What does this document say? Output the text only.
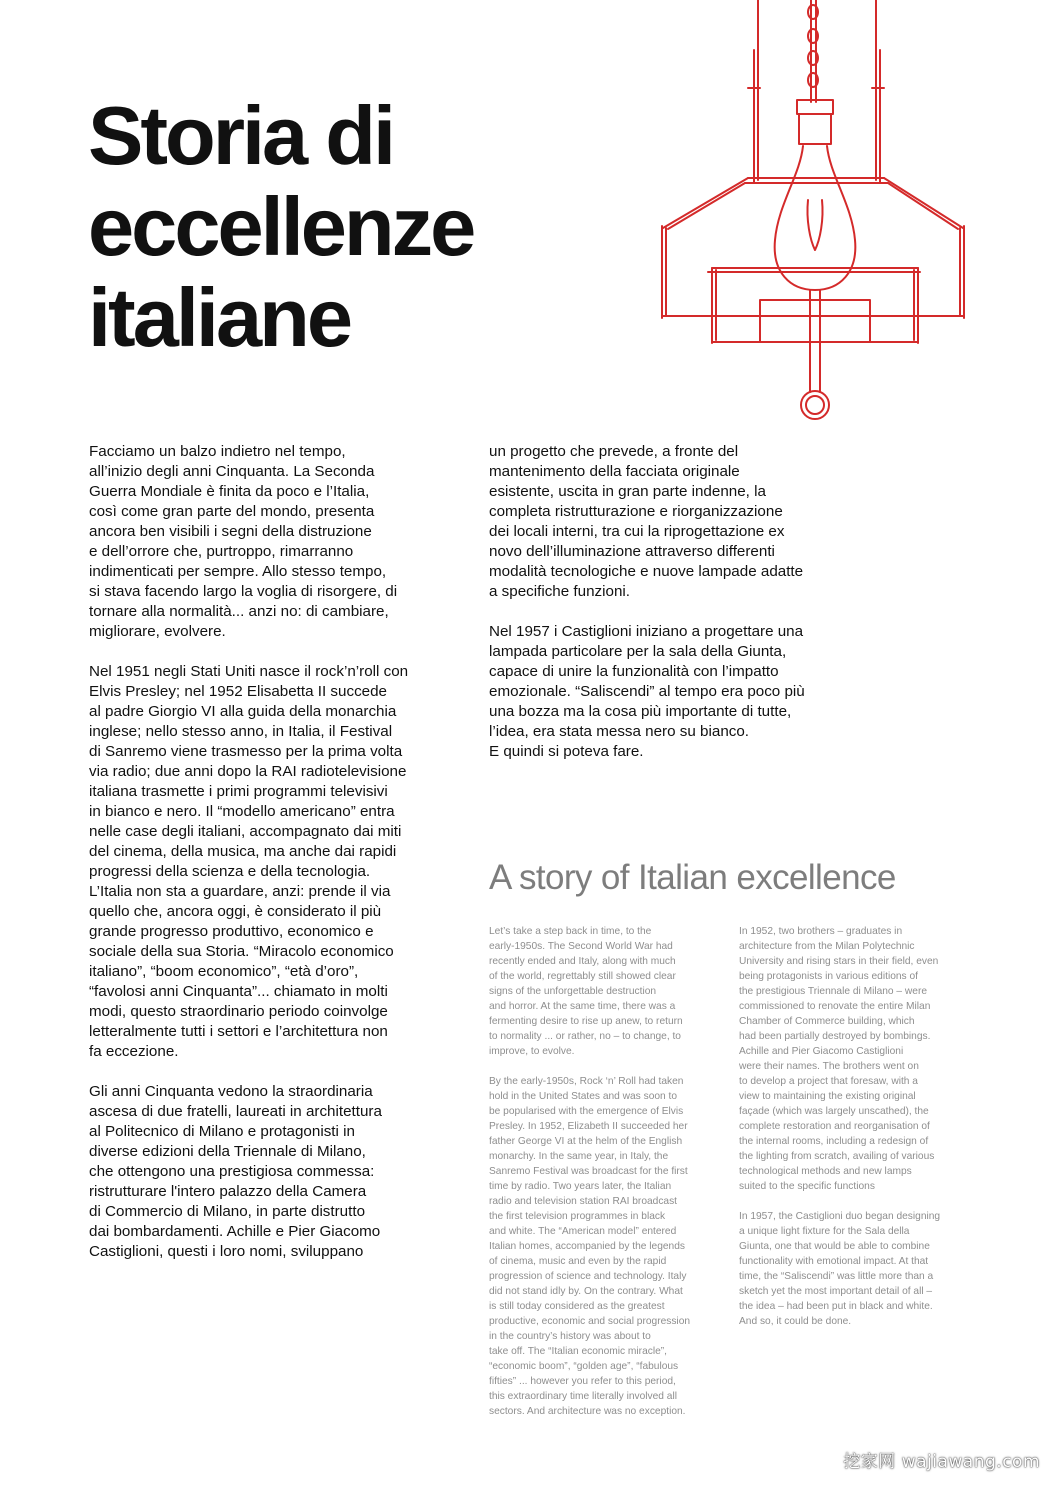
Storia di
eccellenze
italiane

Facciamo un balzo indietro nel tempo,
all’inizio degli anni Cinquanta. La Seconda
Guerra Mondiale è finita da poco e l’Italia,
così come gran parte del mondo, presenta
ancora ben visibili i segni della distruzione
e dell’orrore che, purtroppo, rimarranno
indimenticati per sempre. Allo stesso tempo,
si stava facendo largo la voglia di risorgere, di
tornare alla normalità... anzi no: di cambiare,
migliorare, evolvere.

Nel 1951 negli Stati Uniti nasce il rock’n’roll con
Elvis Presley; nel 1952 Elisabetta II succede
al padre Giorgio VI alla guida della monarchia
inglese; nello stesso anno, in Italia, il Festival
di Sanremo viene trasmesso per la prima volta
via radio; due anni dopo la RAI radiotelevisione
italiana trasmette i primi programmi televisivi
in bianco e nero. Il “modello americano” entra
nelle case degli italiani, accompagnato dai miti
del cinema, della musica, ma anche dai rapidi
progressi della scienza e della tecnologia.
L’Italia non sta a guardare, anzi: prende il via
quello che, ancora oggi, è considerato il più
grande progresso produttivo, economico e
sociale della sua Storia. “Miracolo economico
italiano”, “boom economico”, “età d’oro”,
“favolosi anni Cinquanta”... chiamato in molti
modi, questo straordinario periodo coinvolge
letteralmente tutti i settori e l’architettura non
fa eccezione.

Gli anni Cinquanta vedono la straordinaria
ascesa di due fratelli, laureati in architettura
al Politecnico di Milano e protagonisti in
diverse edizioni della Triennale di Milano,
che ottengono una prestigiosa commessa:
ristrutturare l'intero palazzo della Camera
di Commercio di Milano, in parte distrutto
dai bombardamenti. Achille e Pier Giacomo
Castiglioni, questi i loro nomi, sviluppano

un progetto che prevede, a fronte del
mantenimento della facciata originale
esistente, uscita in gran parte indenne, la
completa ristrutturazione e riorganizzazione
dei locali interni, tra cui la riprogettazione ex
novo dell’illuminazione attraverso differenti
modalità tecnologiche e nuove lampade adatte
a specifiche funzioni.

Nel 1957 i Castiglioni iniziano a progettare una
lampada particolare per la sala della Giunta,
capace di unire la funzionalità con l’impatto
emozionale. “Saliscendi” al tempo era poco più
una bozza ma la cosa più importante di tutte,
l’idea, era stata messa nero su bianco.
E quindi si poteva fare.

A story of Italian excellence

Let’s take a step back in time, to the
early-1950s. The Second World War had
recently ended and Italy, along with much
of the world, regrettably still showed clear
signs of the unforgettable destruction
and horror. At the same time, there was a
fermenting desire to rise up anew, to return
to normality ... or rather, no – to change, to
improve, to evolve.

By the early-1950s, Rock ‘n’ Roll had taken
hold in the United States and was soon to
be popularised with the emergence of Elvis
Presley. In 1952, Elizabeth II succeeded her
father George VI at the helm of the English
monarchy. In the same year, in Italy, the
Sanremo Festival was broadcast for the first
time by radio. Two years later, the Italian
radio and television station RAI broadcast
the first television programmes in black
and white. The “American model” entered
Italian homes, accompanied by the legends
of cinema, music and even by the rapid
progression of science and technology. Italy
did not stand idly by. On the contrary. What
is still today considered as the greatest
productive, economic and social progression
in the country’s history was about to
take off. The “Italian economic miracle”,
“economic boom”, “golden age”, “fabulous
fifties” ... however you refer to this period,
this extraordinary time literally involved all
sectors. And architecture was no exception.

In 1952, two brothers – graduates in
architecture from the Milan Polytechnic
University and rising stars in their field, even
being protagonists in various editions of
the prestigious Triennale di Milano – were
commissioned to renovate the entire Milan
Chamber of Commerce building, which
had been partially destroyed by bombings.
Achille and Pier Giacomo Castiglioni
were their names. The brothers went on
to develop a project that foresaw, with a
view to maintaining the existing original
façade (which was largely unscathed), the
complete restoration and reorganisation of
the internal rooms, including a redesign of
the lighting from scratch, availing of various
technological methods and new lamps
suited to the specific functions

In 1957, the Castiglioni duo began designing
a unique light fixture for the Sala della
Giunta, one that would be able to combine
functionality with emotional impact. At that
time, the “Saliscendi” was little more than a
sketch yet the most important detail of all –
the idea – had been put in black and white.
And so, it could be done.

挖家网 wajiawang.com
